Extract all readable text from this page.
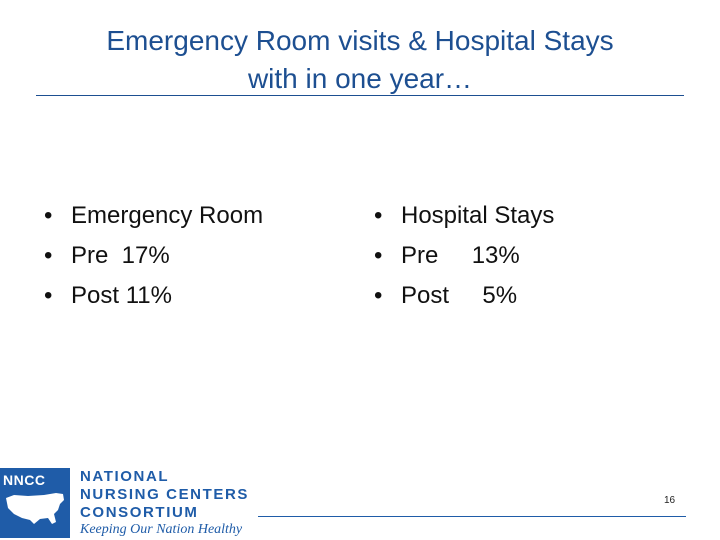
Emergency Room visits & Hospital Stays
with in one year…
• Emergency Room
• Pre  17%
• Post 11%
• Hospital Stays
• Pre     13%
• Post     5%
NNCC NATIONAL
NURSING CENTERS
CONSORTIUM
Keeping Our Nation Healthy
16
